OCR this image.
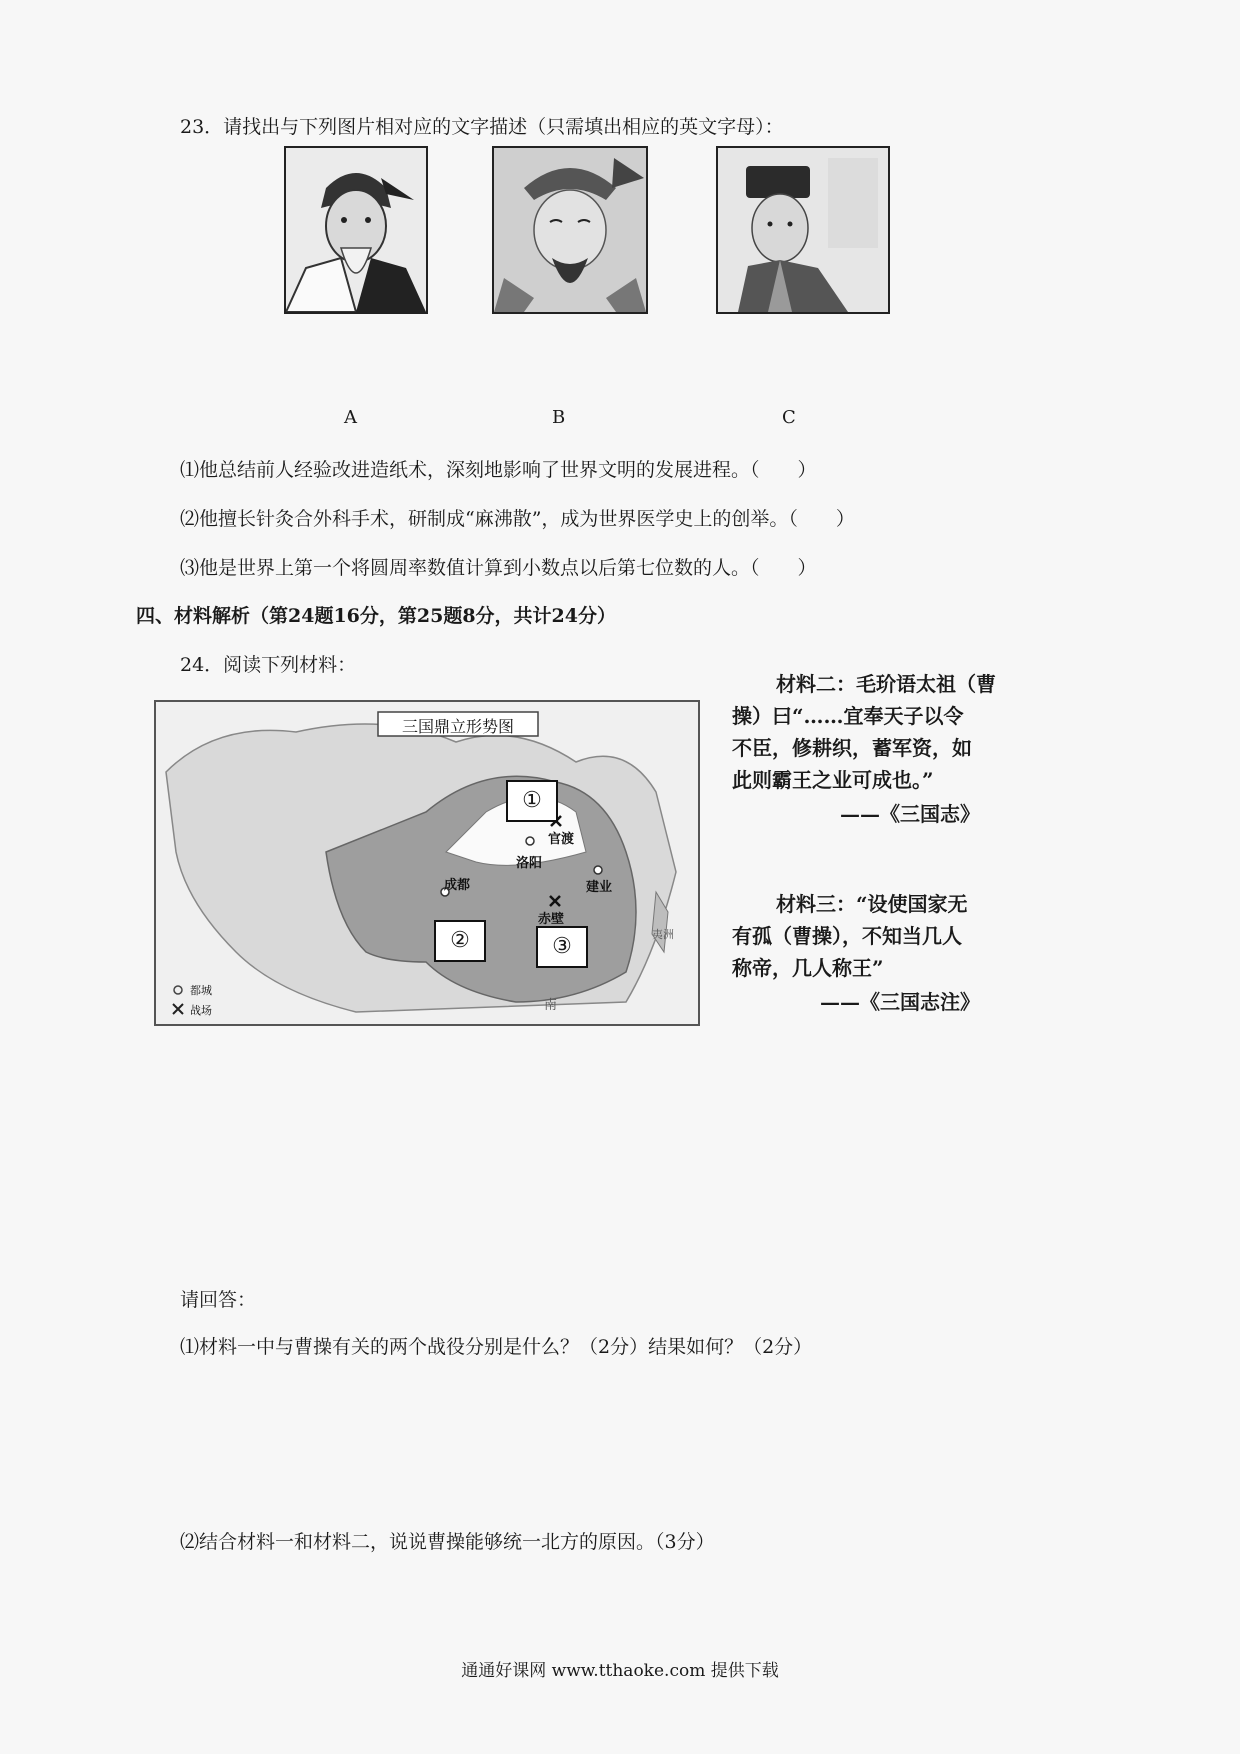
23．请找出与下列图片相对应的文字描述（只需填出相应的英文字母）：
A	B	C
⑴他总结前人经验改进造纸术，深刻地影响了世界文明的发展进程。（　　）
⑵他擅长针灸合外科手术，研制成“麻沸散”，成为世界医学史上的创举。（　　）
⑶他是世界上第一个将圆周率数值计算到小数点以后第七位数的人。（　　）
四、材料解析（第24题16分，第25题8分，共计24分）
24．阅读下列材料：
三国鼎立形势图
①
②	③
官渡
洛阳
成都	建业
赤壁
南
夷洲
都城
战场
材料二：毛玠语太祖（曹
操）曰“……宜奉天子以令
不臣，修耕织，蓄军资，如
此则霸王之业可成也。”
——《三国志》
材料三：“设使国家无
有孤（曹操），不知当几人
称帝，几人称王”
——《三国志注》
请回答：
⑴材料一中与曹操有关的两个战役分别是什么？（2分）结果如何？（2分）
⑵结合材料一和材料二，说说曹操能够统一北方的原因。（3分）
通通好课网 www.tthaoke.com 提供下载
